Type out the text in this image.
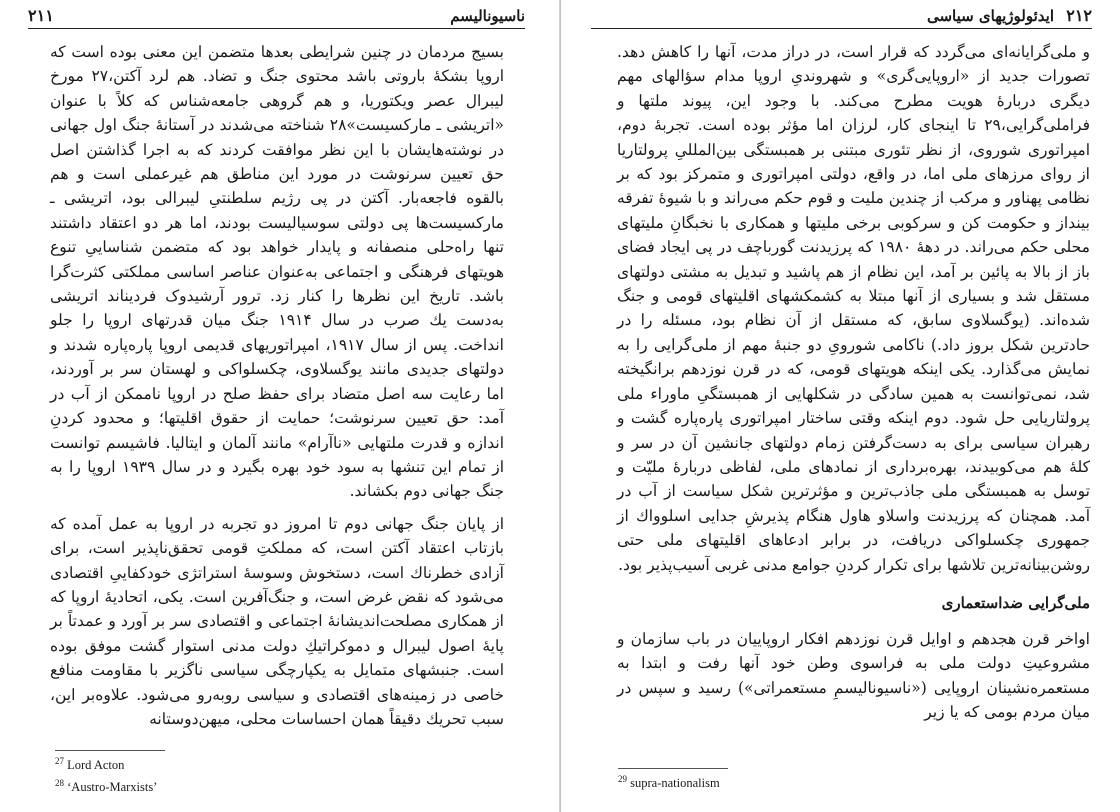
۲۱۱	ناسیونالیسم

بسیج مردمان در چنین شرایطی بعدها متضمن این معنی بوده است که اروپا بشکهٔ باروتی باشد محتوی جنگ و تضاد. هم لرد آکتن،۲۷ مورخ لیبرال عصر ویکتوریا، و هم گروهی جامعه‌شناس که کلاً با عنوان «اتریشی ـ مارکسیست»۲۸ شناخته می‌شدند در آستانهٔ جنگ اول جهانی در نوشته‌هایشان با این نظر موافقت کردند که به اجرا گذاشتن اصل حق تعیین سرنوشت در مورد این مناطق هم غیرعملی است و هم بالقوه فاجعه‌بار. آکتن در پی رژیم سلطنتیِ لیبرالی بود، اتریشی ـ مارکسیست‌ها پی دولتی سوسیالیست بودند، اما هر دو اعتقاد داشتند تنها راه‌حلی منصفانه و پایدار خواهد بود که متضمن شناساییِ تنوع هویتهای فرهنگی و اجتماعی به‌عنوان عناصر اساسی مملکتی کثرت‌گرا باشد. تاریخ این نظرها را کنار زد. ترور آرشیدوک فردیناند اتریشی به‌دست یك صرب در سال ۱۹۱۴ جنگ میان قدرتهای اروپا را جلو انداخت. پس از سال ۱۹۱۷، امپراتوریهای قدیمی اروپا پاره‌پاره شدند و دولتهای جدیدی مانند یوگسلاوی، چکسلواکی و لهستان سر بر آوردند، اما رعایت سه اصل متضاد برای حفظ صلح در اروپا ناممکن از آب در آمد: حق تعیین سرنوشت؛ حمایت از حقوق اقلیتها؛ و محدود کردنِ اندازه و قدرت ملتهایی «ناآرام» مانند آلمان و ایتالیا. فاشیسم توانست از تمام این تنشها به سود خود بهره بگیرد و در سال ۱۹۳۹ اروپا را به جنگ جهانی دوم بکشاند.

از پایان جنگ جهانی دوم تا امروز دو تجربه در اروپا به عمل آمده که بازتاب اعتقاد آکتن است، که مملکتِ قومی تحقق‌ناپذیر است، برای آزادی خطرناك است، دستخوش وسوسهٔ استراتژی خودکفاییِ اقتصادی می‌شود که نقض غرض است، و جنگ‌آفرین است. یکی، اتحادیهٔ اروپا که از همکاری مصلحت‌اندیشانهٔ اجتماعی و اقتصادی سر بر آورد و عمدتاً بر پایهٔ اصول لیبرال و دموکراتیكِ دولت مدنی استوار گشت موفق بوده است. جنبشهای متمایل به یکپارچگی سیاسی ناگزیر با مقاومت منافع خاصی در زمینه‌های اقتصادی و سیاسی روبه‌رو می‌شود. علاوه‌بر این، سبب تحریك دقیقاً همان احساسات محلی، میهن‌دوستانه

$^{27}$ Lord Acton
$^{28}$ ‘Austro-Marxists’
۲۱۲
ایدئولوژیهای سیاسی

و ملی‌گرایانه‌ای می‌گردد که قرار است، در دراز مدت، آنها را کاهش دهد. تصورات جدید از «اروپایی‌گری» و شهروندیِ اروپا مدام سؤالهای مهم دیگری دربارهٔ هویت مطرح می‌کند. با وجود این، پیوند ملتها و فراملی‌گرایی،۲۹ تا اینجای کار، لرزان اما مؤثر بوده است. تجربهٔ دوم، امپراتوری شوروی، از نظر تئوری مبتنی بر همبستگی بین‌المللیِ پرولتاریا از روای مرزهای ملی اما، در واقع، دولتی امپراتوری و متمرکز بود که بر نظامی پهناور و مرکب از چندین ملیت و قوم حکم می‌راند و با شیوهٔ تفرقه بینداز و حکومت کن و سرکوبی برخی ملیتها و همکاری با نخبگانِ ملیتهای محلی حکم می‌راند. در دههٔ ۱۹۸۰ که پرزیدنت گورباچف در پی ایجاد فضای باز از بالا به پائین بر آمد، این نظام از هم پاشید و تبدیل به مشتی دولتهای مستقل شد و بسیاری از آنها مبتلا به کشمکشهای اقلیتهای قومی و جنگ شده‌اند. (یوگسلاوی سابق، که مستقل از آن نظام بود، مسئله را در حادترین شکل بروز داد.) ناکامی شورویِ دو جنبهٔ مهم از ملی‌گرایی را به نمایش می‌گذارد. یکی اینکه هویتهای قومی، که در قرن نوزدهم برانگیخته شد، نمی‌توانست به همین سادگی در شکلهایی از همبستگیِ ماوراء ملی پرولتاریایی حل شود. دوم اینکه وقتی ساختار امپراتوری پاره‌پاره گشت و رهبران سیاسی برای به دست‌گرفتن زمام دولتهای جانشین آن در سر و کلهٔ هم می‌کوبیدند، بهره‌برداری از نمادهای ملی، لفاظی دربارهٔ ملیّت و توسل به همبستگی ملی جاذب‌ترین و مؤثرترین شکل سیاست از آب در آمد. همچنان که پرزیدنت واسلاو هاول هنگام پذیرشِ جدایی اسلوواك از جمهوری چکسلواکی دریافت، در برابر ادعاهای اقلیتهای ملی حتی روشن‌بینانه‌ترین تلاشها برای تکرار کردنِ جوامع مدنی غربی آسیب‌پذیر بود.

ملی‌گرایی ضداستعماری

اواخر قرن هجدهم و اوایل قرن نوزدهم افکار اروپاییان در باب سازمان و مشروعیتِ دولت ملی به فراسوی وطن خود آنها رفت و ابتدا به مستعمره‌نشینان اروپایی («ناسیونالیسمِ مستعمراتی») رسید و سپس در میان مردم بومی که یا زیر

$^{29}$ supra-nationalism
